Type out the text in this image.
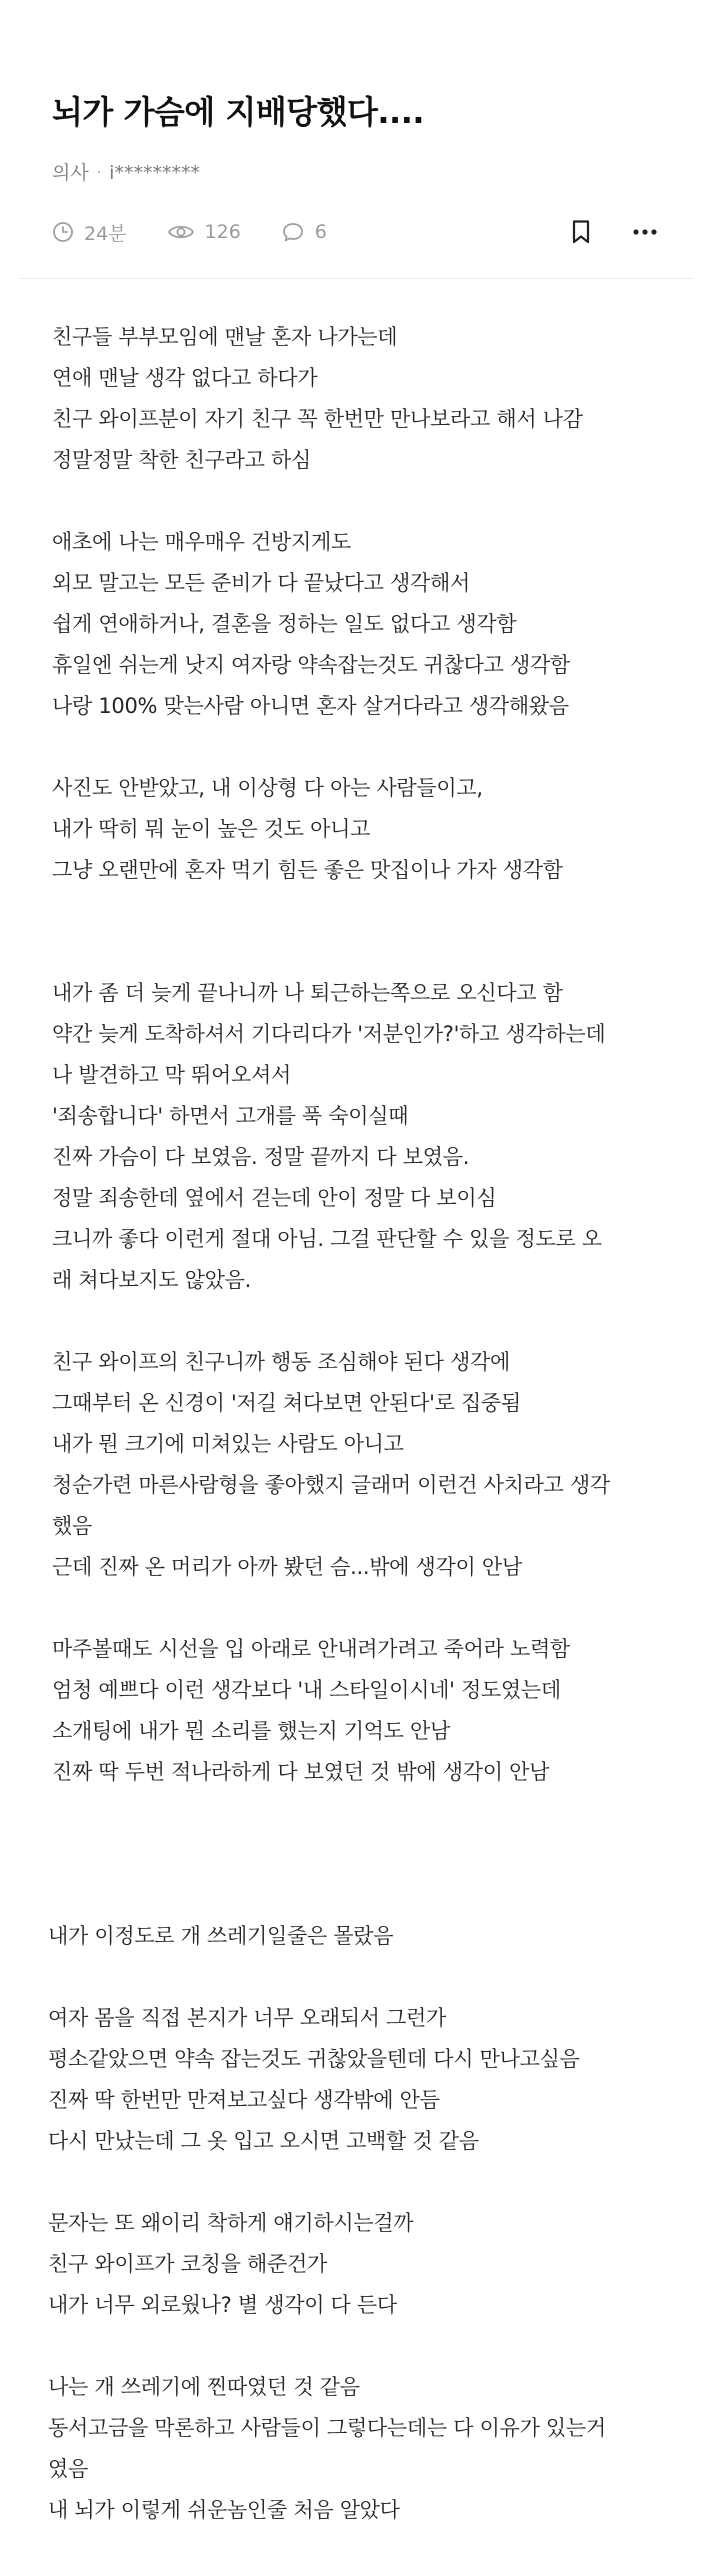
뇌가 가슴에 지배당했다....
의사 · i*********
24분	126	6

친구들 부부모임에 맨날 혼자 나가는데
연애 맨날 생각 없다고 하다가
친구 와이프분이 자기 친구 꼭 한번만 만나보라고 해서 나감
정말정말 착한 친구라고 하심

애초에 나는 매우매우 건방지게도
외모 말고는 모든 준비가 다 끝났다고 생각해서
쉽게 연애하거나, 결혼을 정하는 일도 없다고 생각함
휴일엔 쉬는게 낫지 여자랑 약속잡는것도 귀찮다고 생각함
나랑 100% 맞는사람 아니면 혼자 살거다라고 생각해왔음

사진도 안받았고, 내 이상형 다 아는 사람들이고,
내가 딱히 뭐 눈이 높은 것도 아니고
그냥 오랜만에 혼자 먹기 힘든 좋은 맛집이나 가자 생각함

내가 좀 더 늦게 끝나니까 나 퇴근하는쪽으로 오신다고 함
약간 늦게 도착하셔서 기다리다가 '저분인가?'하고 생각하는데
나 발견하고 막 뛰어오셔서
'죄송합니다' 하면서 고개를 푹 숙이실때
진짜 가슴이 다 보였음. 정말 끝까지 다 보였음.
정말 죄송한데 옆에서 걷는데 안이 정말 다 보이심
크니까 좋다 이런게 절대 아님. 그걸 판단할 수 있을 정도로 오
래 쳐다보지도 않았음.

친구 와이프의 친구니까 행동 조심해야 된다 생각에
그때부터 온 신경이 '저길 쳐다보면 안된다'로 집중됨
내가 뭔 크기에 미쳐있는 사람도 아니고
청순가련 마른사람형을 좋아했지 글래머 이런건 사치라고 생각
했음
근데 진짜 온 머리가 아까 봤던 슴...밖에 생각이 안남

마주볼때도 시선을 입 아래로 안내려가려고 죽어라 노력함
엄청 예쁘다 이런 생각보다 '내 스타일이시네' 정도였는데
소개팅에 내가 뭔 소리를 했는지 기억도 안남
진짜 딱 두번 적나라하게 다 보였던 것 밖에 생각이 안남

내가 이정도로 개 쓰레기일줄은 몰랐음

여자 몸을 직접 본지가 너무 오래되서 그런가
평소같았으면 약속 잡는것도 귀찮았을텐데 다시 만나고싶음
진짜 딱 한번만 만져보고싶다 생각밖에 안듬
다시 만났는데 그 옷 입고 오시면 고백할 것 같음

문자는 또 왜이리 착하게 얘기하시는걸까
친구 와이프가 코칭을 해준건가
내가 너무 외로웠나? 별 생각이 다 든다

나는 개 쓰레기에 찐따였던 것 같음
동서고금을 막론하고 사람들이 그렇다는데는 다 이유가 있는거
였음
내 뇌가 이렇게 쉬운놈인줄 처음 알았다
